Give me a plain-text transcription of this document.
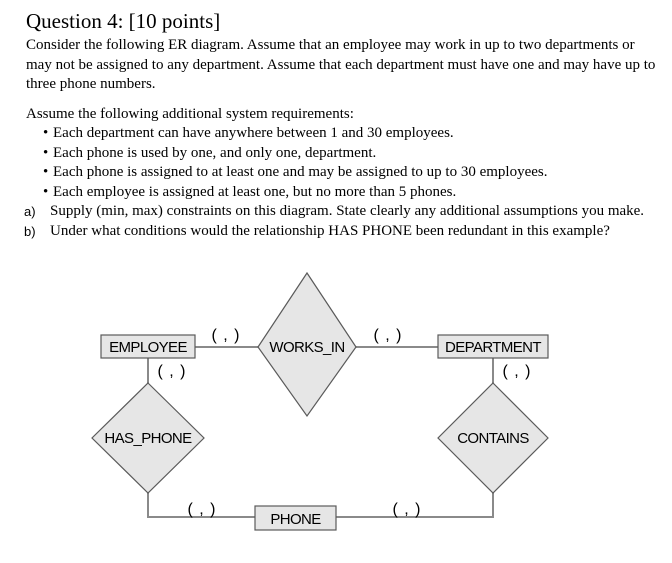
Question 4: [10 points]

Consider the following ER diagram. Assume that an employee may work in up to two departments or may not be assigned to any department. Assume that each department must have one and may have up to three phone numbers.

Assume the following additional system requirements:

• Each department can have anywhere between 1 and 30 employees.
• Each phone is used by one, and only one, department.
• Each phone is assigned to at least one and may be assigned to up to 30 employees.
• Each employee is assigned at least one, but no more than 5 phones.
a) Supply (min, max) constraints on this diagram. State clearly any additional assumptions you make.
b) Under what conditions would the relationship HAS PHONE been redundant in this example?
EMPLOYEE	DEPARTMENT
PHONE
WORKS_IN
HAS_PHONE	CONTAINS
( , )	( , )
( , )	( , )
( , )	( , )
